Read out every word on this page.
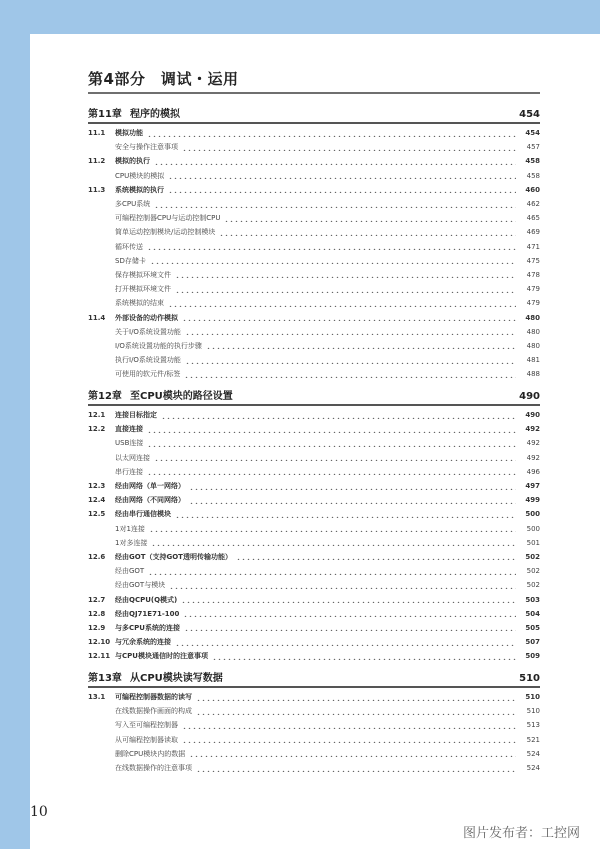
第4部分　调试・运用
第11章 程序的模拟	454
11.1	模拟功能	454
安全与操作注意事项	457
11.2	模拟的执行	458
CPU模块的模拟	458
11.3	系统模拟的执行	460
多CPU系统	462
可编程控制器CPU与运动控制CPU	465
简单运动控制模块/运动控制模块	469
循环传送	471
SD存储卡	475
保存模拟环境文件	478
打开模拟环境文件	479
系统模拟的结束	479
11.4	外部设备的动作模拟	480
关于I/O系统设置功能	480
I/O系统设置功能的执行步骤	480
执行I/O系统设置功能	481
可使用的软元件/标签	488
第12章 至CPU模块的路径设置	490
12.1	连接目标指定	490
12.2	直接连接	492
USB连接	492
以太网连接	492
串行连接	496
12.3	经由网络（单一网络）	497
12.4	经由网络（不同网络）	499
12.5	经由串行通信模块	500
1对1连接	500
1对多连接	501
12.6	经由GOT（支持GOT透明传输功能）	502
经由GOT	502
经由GOT与模块	502
12.7	经由QCPU(Q模式)	503
12.8	经由QJ71E71-100	504
12.9	与多CPU系统的连接	505
12.10 与冗余系统的连接	507
12.11 与CPU模块通信时的注意事项	509
第13章 从CPU模块读写数据	510
13.1	可编程控制器数据的读写	510
在线数据操作画面的构成	510
写入至可编程控制器	513
从可编程控制器读取	521
删除CPU模块内的数据	524
在线数据操作的注意事项	524
10
图片发布者：工控网
